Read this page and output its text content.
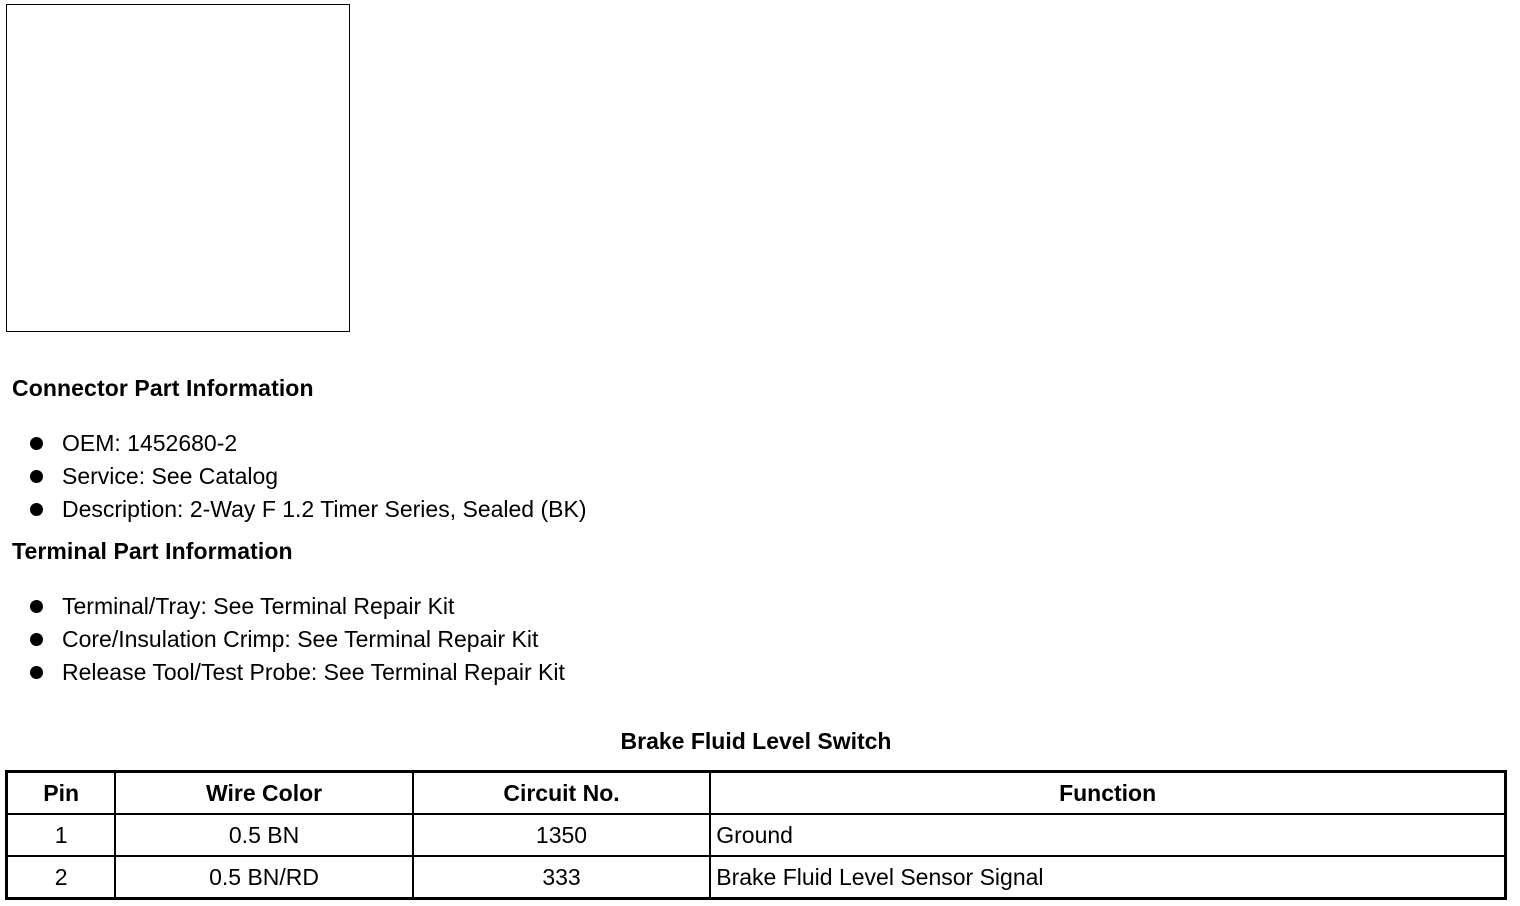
Connector Part Information
OEM: 1452680-2
Service: See Catalog
Description: 2-Way F 1.2 Timer Series, Sealed (BK)
Terminal Part Information
Terminal/Tray: See Terminal Repair Kit
Core/Insulation Crimp: See Terminal Repair Kit
Release Tool/Test Probe: See Terminal Repair Kit
Brake Fluid Level Switch
Pin	Wire Color	Circuit No.	Function
1	0.5 BN	1350	Ground
2	0.5 BN/RD	333	Brake Fluid Level Sensor Signal
